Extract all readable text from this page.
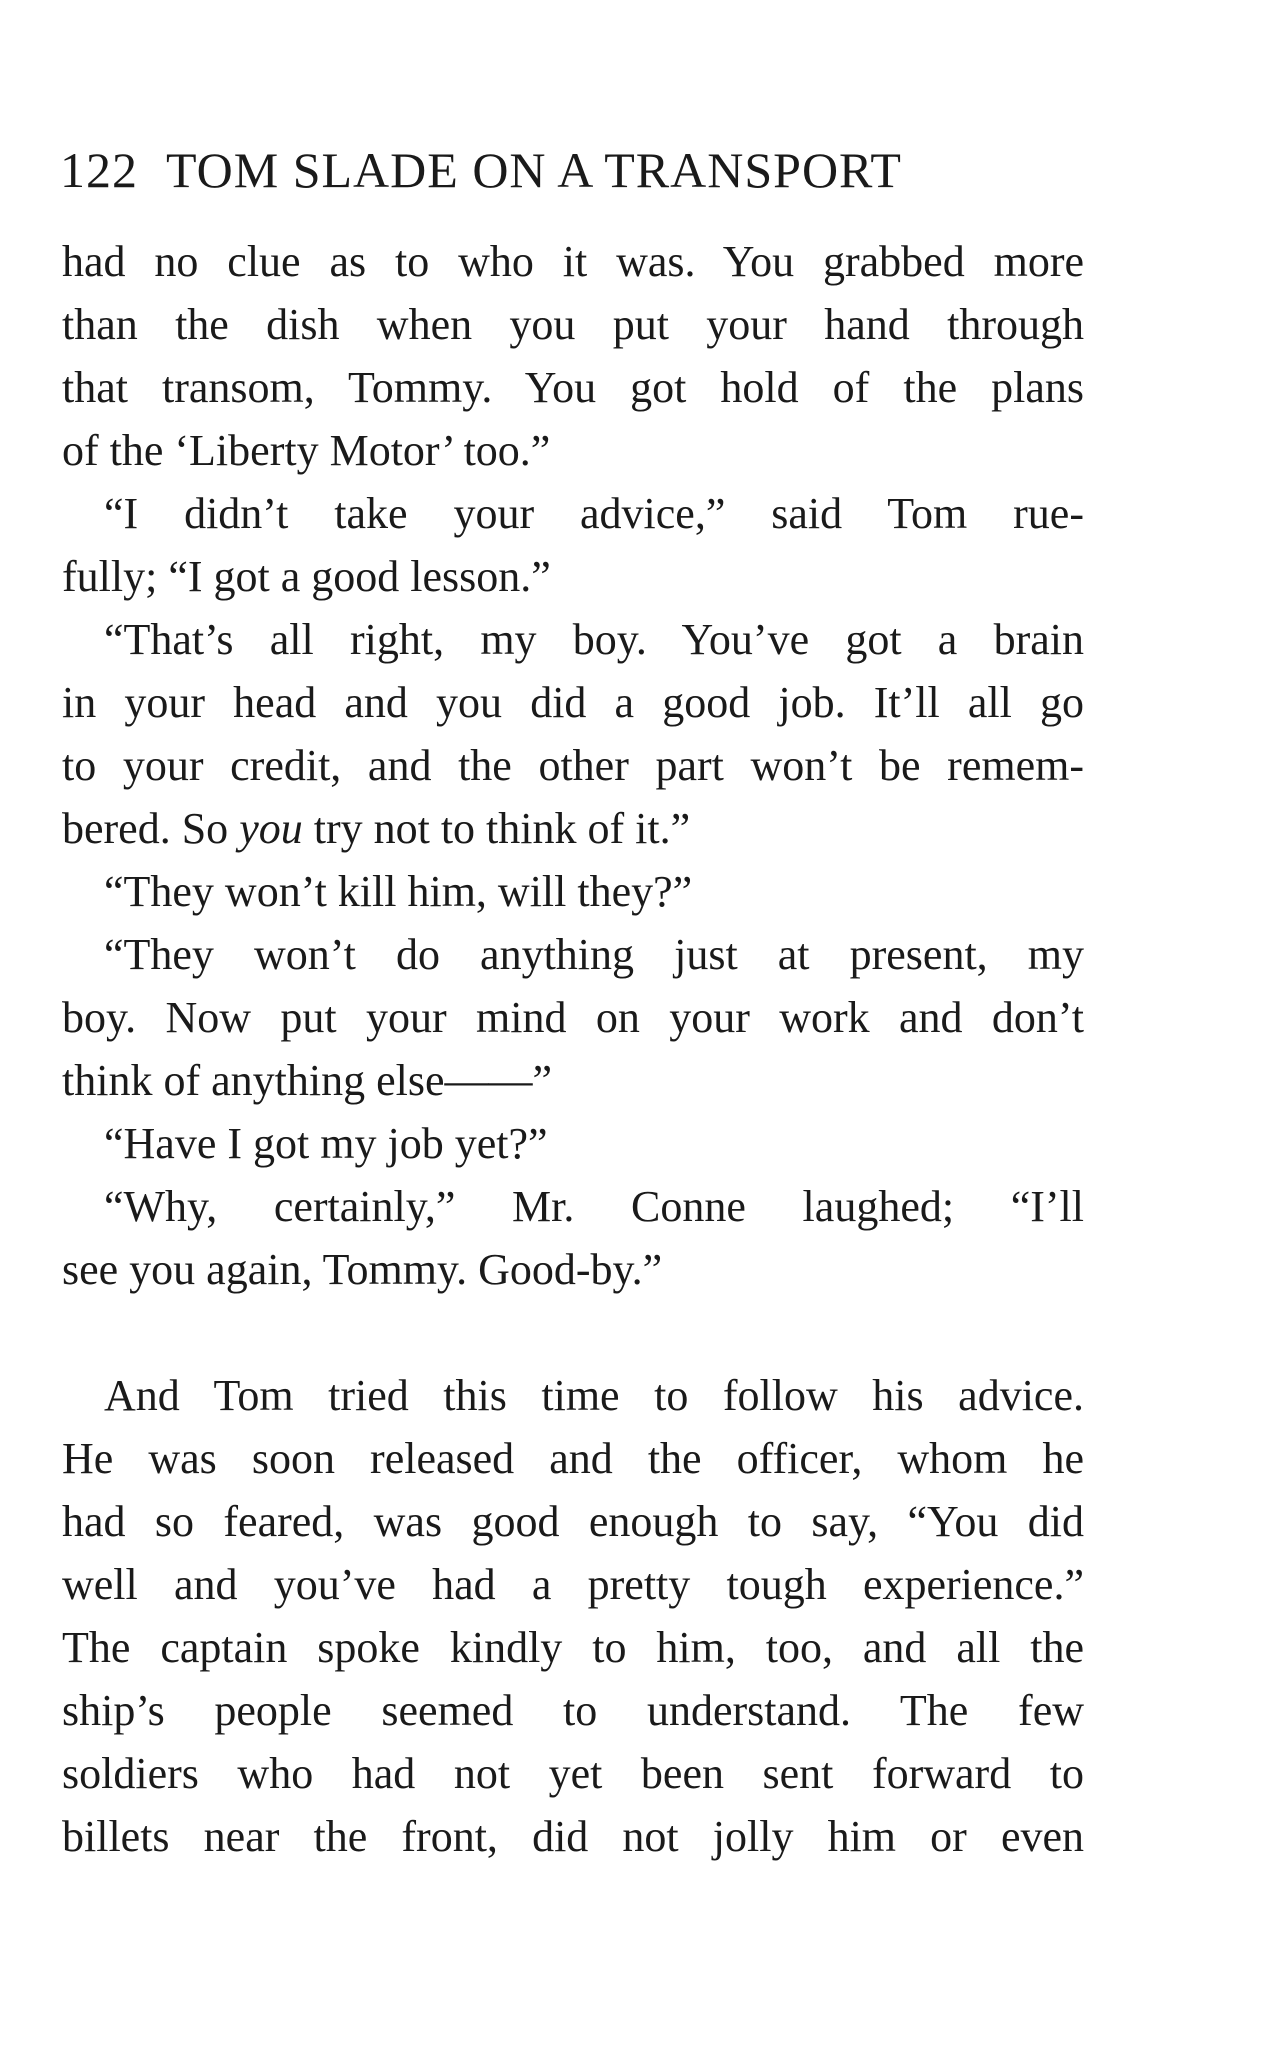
122 TOM SLADE ON A TRANSPORT
had no clue as to who it was. You grabbed more
than the dish when you put your hand through
that transom, Tommy. You got hold of the plans
of the ‘Liberty Motor’ too.”
“I didn’t take your advice,” said Tom rue-
fully; “I got a good lesson.”
“That’s all right, my boy. You’ve got a brain
in your head and you did a good job. It’ll all go
to your credit, and the other part won’t be remem-
bered. So you try not to think of it.”
“They won’t kill him, will they?”
“They won’t do anything just at present, my
boy. Now put your mind on your work and don’t
think of anything else——”
“Have I got my job yet?”
“Why, certainly,” Mr. Conne laughed; “I’ll
see you again, Tommy. Good-by.”
And Tom tried this time to follow his advice.
He was soon released and the officer, whom he
had so feared, was good enough to say, “You did
well and you’ve had a pretty tough experience.”
The captain spoke kindly to him, too, and all the
ship’s people seemed to understand. The few
soldiers who had not yet been sent forward to
billets near the front, did not jolly him or even
